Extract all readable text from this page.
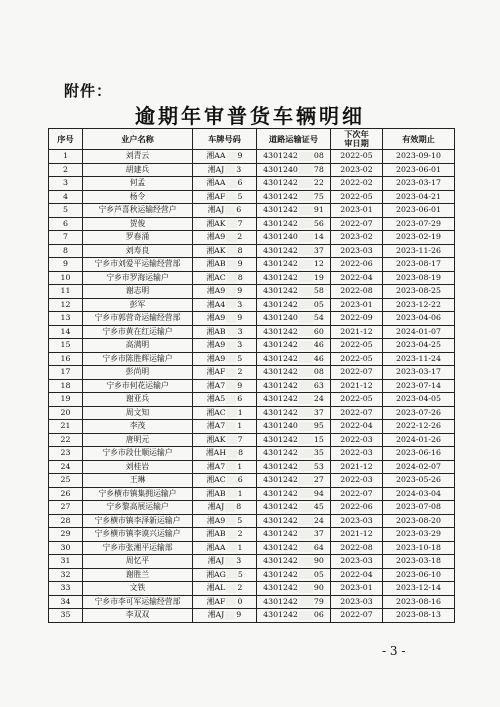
附件：
逾期年审普货车辆明细
序号	业户名称	车牌号码	道路运输证号	下次年审日期	有效期止
1	刘青云	湘AA 9	4301242 08	2022-05	2023-09-10
2	胡建兵	湘AJ 3	4301240 78	2023-02	2023-06-01
3	何孟	湘AA 6	4301242 22	2022-02	2023-03-17
4	杨令	湘AF 5	4301242 75	2022-05	2023-04-21
5	宁乡芦喜秋运输经营户	湘AJ 6	4301242 91	2023-01	2023-06-01
6	贺俊	湘AK 7	4301242 56	2022-07	2023-07-29
7	罗春涌	湘A9 2	4301240 14	2023-02	2023-02-19
8	刘寿良	湘AK 8	4301242 37	2023-03	2023-11-26
9	宁乡市刘爱平运输经营部	湘AB 9	4301242 12	2022-06	2023-08-17
10	宁乡市罗海运输户	湘AC 8	4301242 19	2022-04	2023-08-19
11	谢志明	湘A9 9	4301242 58	2022-08	2023-08-25
12	彭军	湘A4 3	4301242 05	2023-01	2023-12-22
13	宁乡市郭营奇运输经营部	湘A9 9	4301240 54	2022-09	2023-04-06
14	宁乡市黄在红运输户	湘AB 3	4301242 60	2021-12	2024-01-07
15	高满明	湘A9 3	4301242 46	2022-05	2023-04-25
16	宁乡市陈胜辉运输户	湘A9 5	4301242 46	2022-05	2023-11-24
17	彭尚明	湘AF 2	4301242 08	2022-07	2023-03-17
18	宁乡市何花运输户	湘A7 9	4301242 63	2021-12	2023-07-14
19	谢亚兵	湘A5 6	4301242 24	2022-05	2023-04-05
20	周文知	湘AC 1	4301242 37	2022-07	2023-07-26
21	李茂	湘A7 1	4301240 95	2022-04	2022-12-26
22	唐明元	湘AK 7	4301242 15	2022-03	2024-01-26
23	宁乡市段仕顺运输户	湘AH 8	4301242 35	2022-03	2023-06-16
24	刘桂岩	湘A7 1	4301242 53	2021-12	2024-02-07
25	王琳	湘AC 6	4301242 27	2022-03	2023-05-26
26	宁乡横市镇集拥运输户	湘AB 1	4301242 94	2022-07	2024-03-04
27	宁乡黎高展运输户	湘AJ 8	4301242 45	2022-06	2023-07-08
28	宁乡横市镇李泽新运输户	湘A9 5	4301242 24	2023-03	2023-08-20
29	宁乡横市镇李谟兴运输户	湘AB 2	4301242 37	2021-12	2023-03-29
30	宁乡市张湘平运输部	湘AA 1	4301242 64	2022-08	2023-10-18
31	周忆平	湘AJ 3	4301242 90	2023-03	2023-03-18
32	谢胜兰	湘AG 5	4301242 05	2022-04	2023-06-10
33	文铁	湘AL 2	4301242 90	2023-01	2023-12-14
34	宁乡市李可军运输经营部	湘AF 0	4301242 79	2023-03	2023-08-16
35	李双双	湘AJ 9	4301242 06	2022-07	2023-08-13
- 3 -
